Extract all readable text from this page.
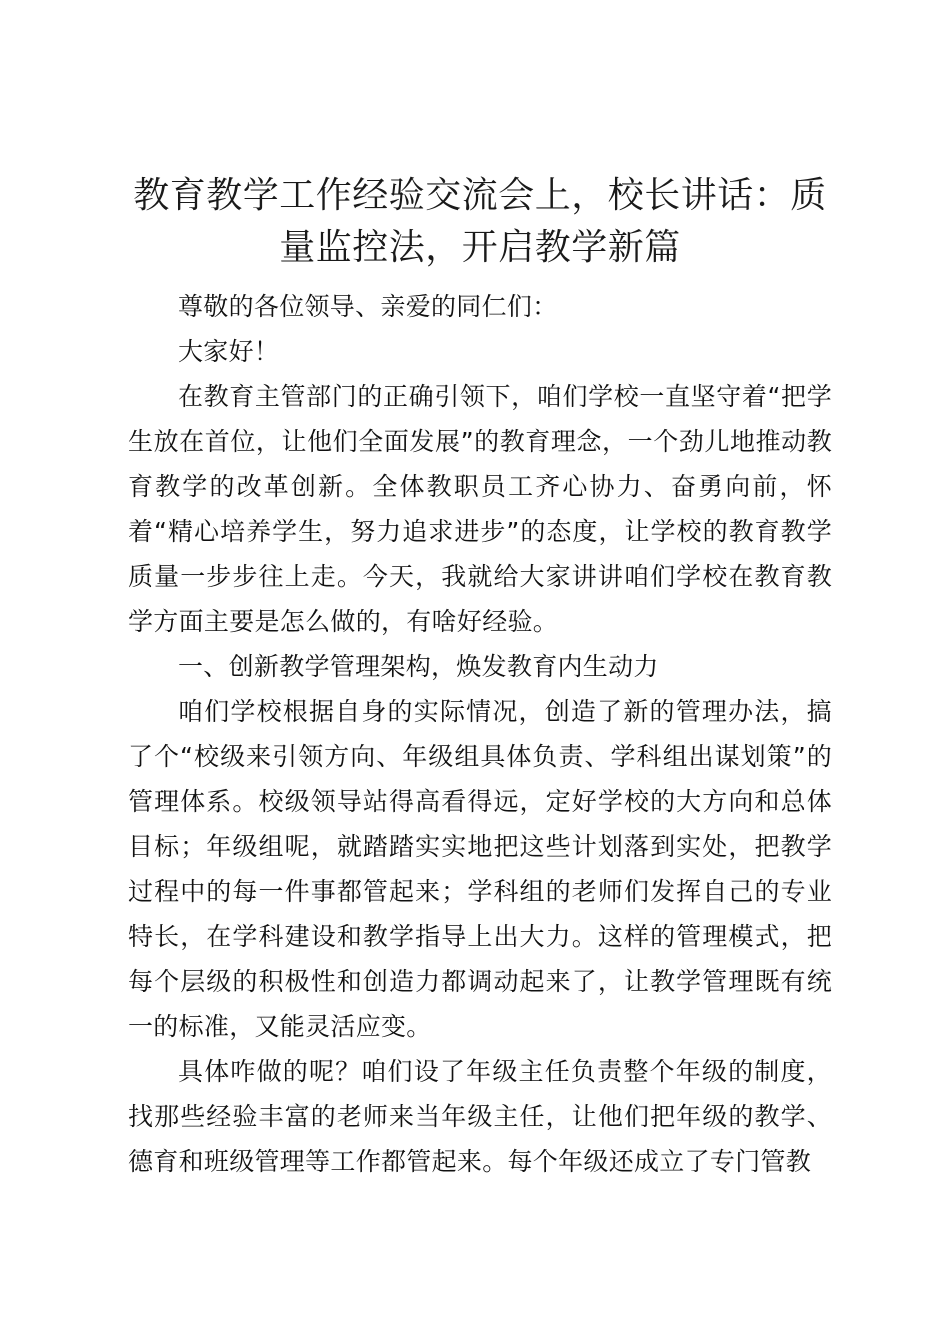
教育教学工作经验交流会上，校长讲话：质量监控法，开启教学新篇

尊敬的各位领导、亲爱的同仁们：

大家好！

在教育主管部门的正确引领下，咱们学校一直坚守着“把学生放在首位，让他们全面发展”的教育理念，一个劲儿地推动教育教学的改革创新。全体教职员工齐心协力、奋勇向前，怀着“精心培养学生，努力追求进步”的态度，让学校的教育教学质量一步步往上走。今天，我就给大家讲讲咱们学校在教育教学方面主要是怎么做的，有啥好经验。

一、创新教学管理架构，焕发教育内生动力

咱们学校根据自身的实际情况，创造了新的管理办法，搞了个“校级来引领方向、年级组具体负责、学科组出谋划策”的管理体系。校级领导站得高看得远，定好学校的大方向和总体目标；年级组呢，就踏踏实实地把这些计划落到实处，把教学过程中的每一件事都管起来；学科组的老师们发挥自己的专业特长，在学科建设和教学指导上出大力。这样的管理模式，把每个层级的积极性和创造力都调动起来了，让教学管理既有统一的标准，又能灵活应变。

具体咋做的呢？咱们设了年级主任负责整个年级的制度，找那些经验丰富的老师来当年级主任，让他们把年级的教学、德育和班级管理等工作都管起来。每个年级还成立了专门管教
